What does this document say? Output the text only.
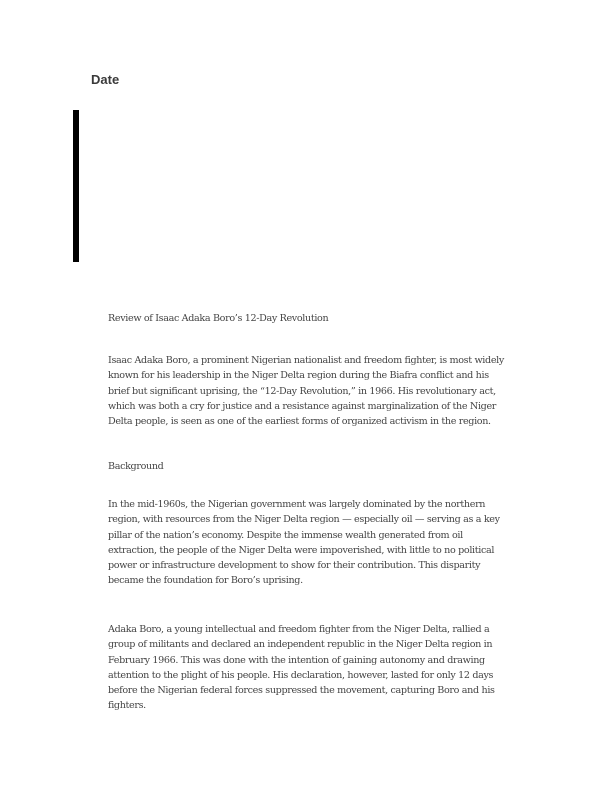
Date
Review of Isaac Adaka Boro’s 12-Day Revolution
Isaac Adaka Boro, a prominent Nigerian nationalist and freedom fighter, is most widely
known for his leadership in the Niger Delta region during the Biafra conflict and his
brief but significant uprising, the “12-Day Revolution,” in 1966. His revolutionary act,
which was both a cry for justice and a resistance against marginalization of the Niger
Delta people, is seen as one of the earliest forms of organized activism in the region.
Background
In the mid-1960s, the Nigerian government was largely dominated by the northern
region, with resources from the Niger Delta region — especially oil — serving as a key
pillar of the nation’s economy. Despite the immense wealth generated from oil
extraction, the people of the Niger Delta were impoverished, with little to no political
power or infrastructure development to show for their contribution. This disparity
became the foundation for Boro’s uprising.
Adaka Boro, a young intellectual and freedom fighter from the Niger Delta, rallied a
group of militants and declared an independent republic in the Niger Delta region in
February 1966. This was done with the intention of gaining autonomy and drawing
attention to the plight of his people. His declaration, however, lasted for only 12 days
before the Nigerian federal forces suppressed the movement, capturing Boro and his
fighters.
